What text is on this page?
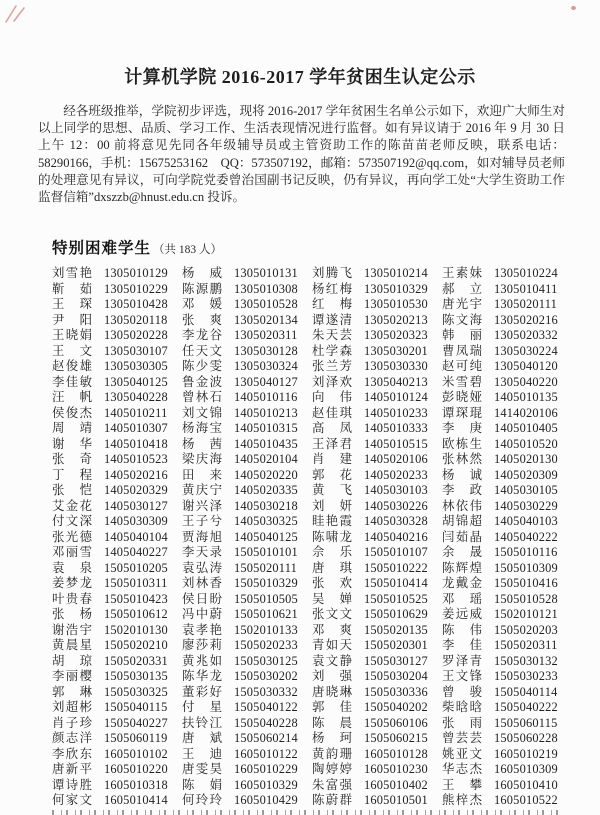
计算机学院 2016-2017 学年贫困生认定公示

经各班级推举，学院初步评选，现将 2016-2017 学年贫困生名单公示如下，欢迎广大师生对以上同学的思想、品质、学习工作、生活表现情况进行监督。如有异议请于 2016 年 9 月 30 日上午 12：00 前将意见先同各年级辅导员或主管资助工作的陈苗苗老师反映，联系电话：58290166，手机：15675253162　QQ：573507192，邮箱：573507192@qq.com，如对辅导员老师的处理意见有异议，可向学院党委曾治国副书记反映，仍有异议，再向学工处“大学生资助工作监督信箱”dxszzb@hnust.edu.cn 投诉。

特别困难学生 （共 183 人）
刘雪艳 1305010129 杨威 1305010131 刘腾飞 1305010214 王素妹 1305010224
靳茹 1305010229 陈源鹏 1305010308 杨红梅 1305010329 郝立 1305010411
王琛 1305010428 邓媛 1305010528 红梅 1305010530 唐光宇 1305020111
尹阳 1305020118 张爽 1305020134 谭遂清 1305020213 陈文海 1305020216
王晓娟 1305020228 李龙谷 1305020311 朱天芸 1305020323 韩丽 1305020332
王文 1305030107 任天文 1305030128 杜学森 1305030201 曹凤瑞 1305030224
赵俊雄 1305030305 陈少雯 1305030324 张兰芳 1305030330 赵可纯 1305040120
李佳敏 1305040125 鲁金波 1305040127 刘泽欢 1305040213 米雪碧 1305040220
汪帆 1305040228 曾林石 1405010116 向伟 1405010124 彭晓娅 1405010135
侯俊杰 1405010211 刘文锦 1405010213 赵佳琪 1405010233 谭琛琨 1414020106
周靖 1405010307 杨海宝 1405010315 高凤 1405010333 李庚 1405010405
谢华 1405010418 杨茜 1405010435 王泽君 1405010515 欧栋生 1405010520
张奇 1405010523 梁庆海 1405020104 肖建 1405020106 张林然 1405020130
丁程 1405020216 田来 1405020220 郭花 1405020233 杨诚 1405020309
张恺 1405020329 黄庆宁 1405020335 黄飞 1405030103 李政 1405030105
艾金花 1405030127 谢兴泽 1405030218 刘妍 1405030226 林依伟 1405030229
付文深 1405030309 王子兮 1405030325 眭艳霞 1405030328 胡锦超 1405040103
张光德 1405040104 贾海旭 1405040125 陈啸龙 1405040216 闫茹晶 1405040222
邓丽雪 1405040227 李天录 1505010101 佘乐 1505010107 余晟 1505010116
袁泉 1505010205 袁弘涛 1505020111 唐琪 1505010222 陈辉煌 1505010309
姜梦龙 1505010311 刘林香 1505010329 张欢 1505010414 龙戴金 1505010416
叶贵春 1505010423 侯日盼 1505010505 吴婵 1505010525 邓瑶 1505010528
张杨 1505010612 冯中蔚 1505010621 张文文 1505010629 姜远威 1502010121
谢浩宇 1502010130 袁孝艳 1502010133 邓爽 1505020135 陈伟 1505020203
黄晨星 1505020210 廖莎莉 1505020233 青如天 1505020301 李佳 1505020311
胡琼 1505020331 黄兆如 1505030125 袁文静 1505030127 罗泽青 1505030132
李丽樱 1505030135 陈华龙 1505030202 刘强 1505030204 王文锋 1505030233
郭琳 1505030325 董彩好 1505030332 唐晓琳 1505030336 曾骏 1505040114
刘超彬 1505040115 付星 1505040122 郭佳 1505040202 柴晗晗 1505040222
肖子珍 1505040227 扶铃江 1505040228 陈晨 1505060106 张雨 1505060115
颜志洋 1505060119 唐斌 1505060214 杨珂 1505060215 曾芸芸 1505060228
李欣东 1605010102 王迪 1605010122 黄韵珊 1605010128 姚亚文 1605010219
唐新平 1605010220 唐雯昊 1605010229 陶婷婷 1605010230 华志杰 1605010309
谭诗胜 1605010318 陈娟 1605010329 朱富强 1605010402 王攀 1605010410
何家文 1605010414 何玲玲 1605010429 陈蔚群 1605010501 熊梓杰 1605010522
